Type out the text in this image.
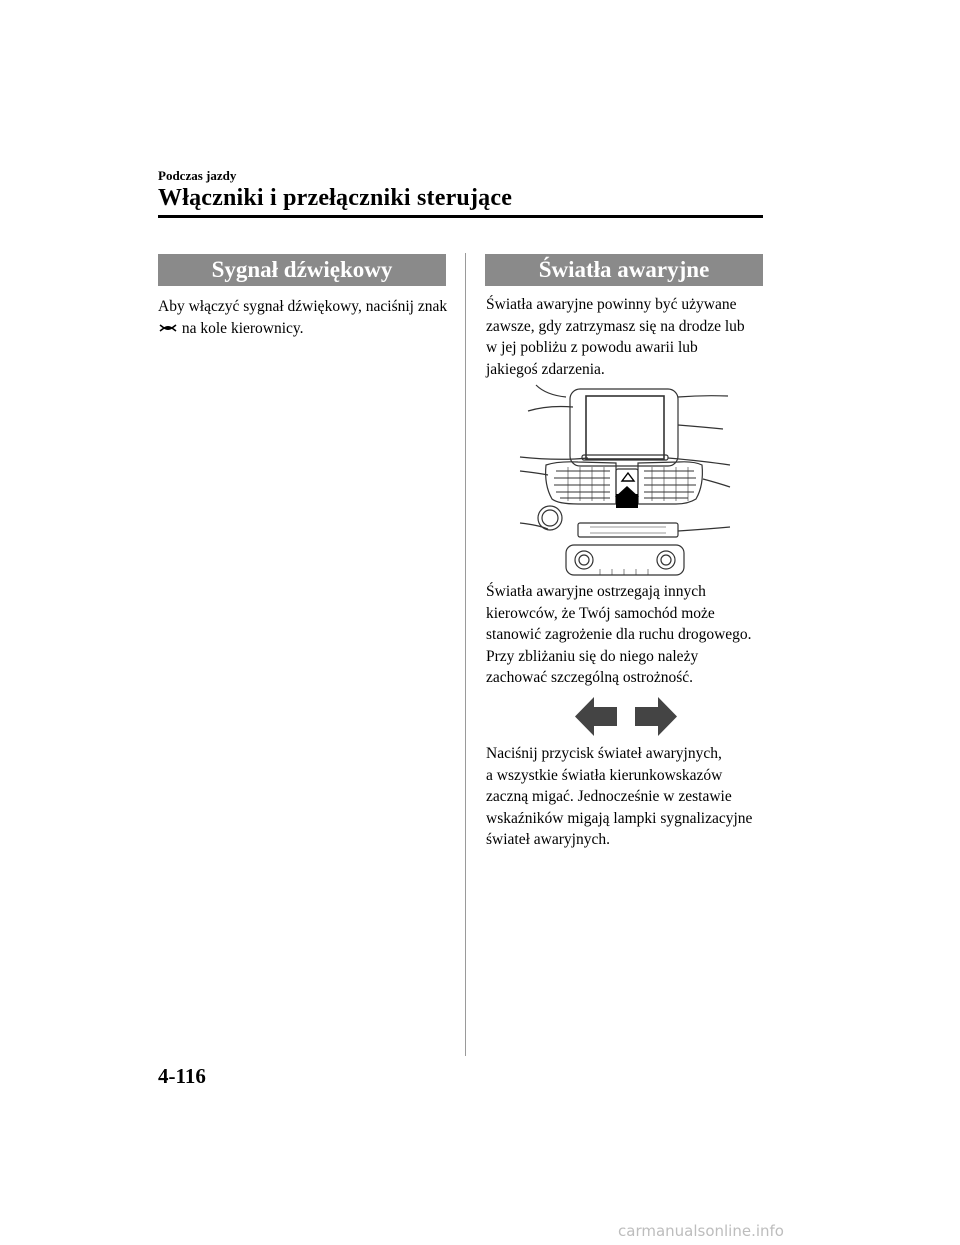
Podczas jazdy
Włączniki i przełączniki sterujące
Sygnał dźwiękowy
Aby włączyć sygnał dźwiękowy, naciśnij znak  na kole kierownicy.
Światła awaryjne
Światła awaryjne powinny być używane
zawsze, gdy zatrzymasz się na drodze lub
w jej pobliżu z powodu awarii lub
jakiegoś zdarzenia.
Światła awaryjne ostrzegają innych
kierowców, że Twój samochód może
stanowić zagrożenie dla ruchu drogowego.
Przy zbliżaniu się do niego należy
zachować szczególną ostrożność.
Naciśnij przycisk świateł awaryjnych,
a wszystkie światła kierunkowskazów
zaczną migać. Jednocześnie w zestawie
wskaźników migają lampki sygnalizacyjne
świateł awaryjnych.
4-116
carmanualsonline.info
